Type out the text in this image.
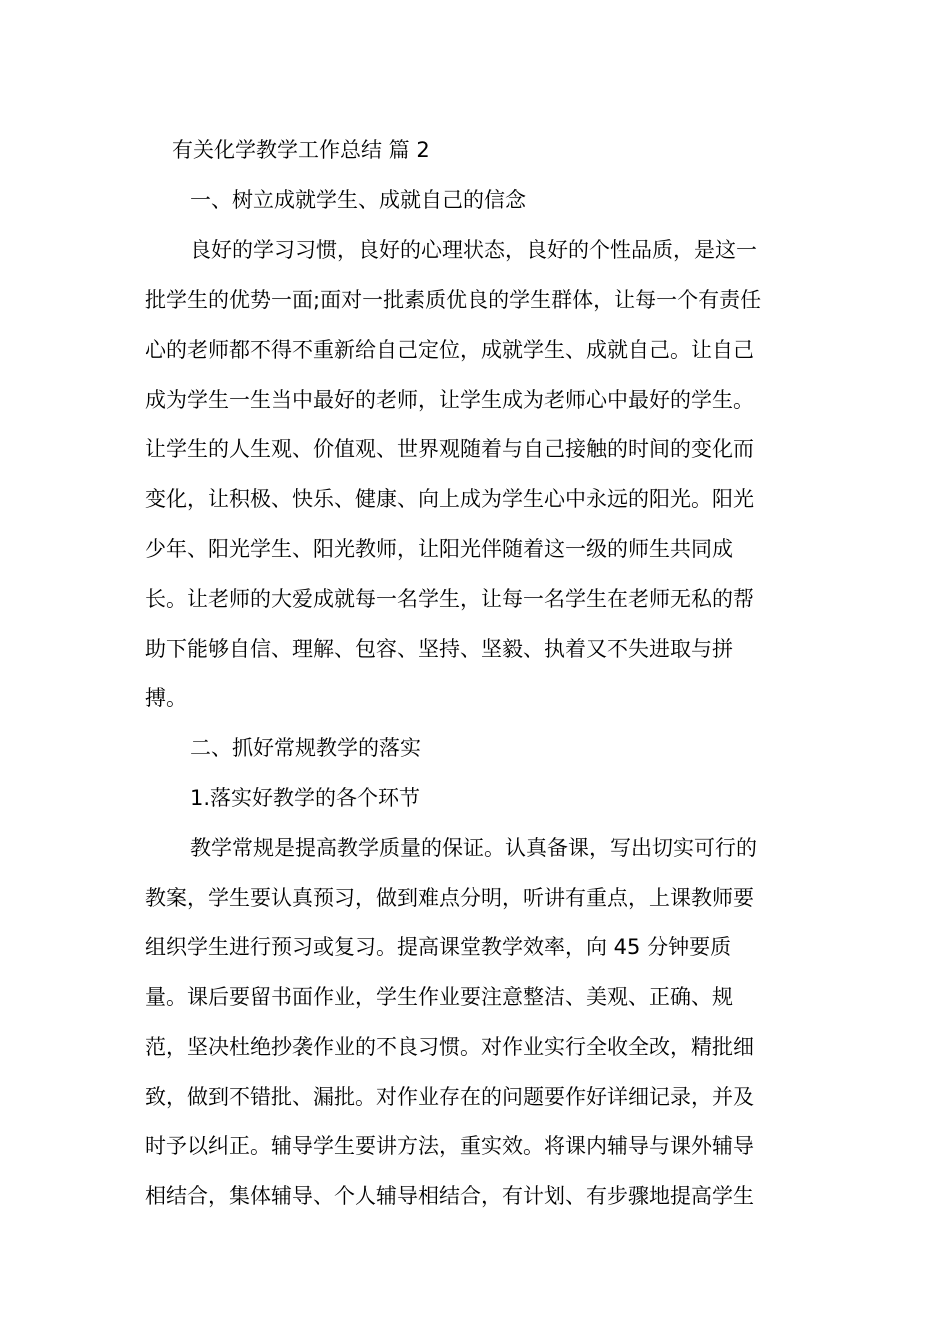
有关化学教学工作总结 篇 2
一、树立成就学生、成就自己的信念
良好的学习习惯，良好的心理状态，良好的个性品质，是这一
批学生的优势一面;面对一批素质优良的学生群体，让每一个有责任
心的老师都不得不重新给自己定位，成就学生、成就自己。让自己
成为学生一生当中最好的老师，让学生成为老师心中最好的学生。
让学生的人生观、价值观、世界观随着与自己接触的时间的变化而
变化，让积极、快乐、健康、向上成为学生心中永远的阳光。阳光
少年、阳光学生、阳光教师，让阳光伴随着这一级的师生共同成
长。让老师的大爱成就每一名学生，让每一名学生在老师无私的帮
助下能够自信、理解、包容、坚持、坚毅、执着又不失进取与拼
搏。
二、抓好常规教学的落实
1.落实好教学的各个环节
教学常规是提高教学质量的保证。认真备课，写出切实可行的
教案，学生要认真预习，做到难点分明，听讲有重点，上课教师要
组织学生进行预习或复习。提高课堂教学效率，向 45 分钟要质
量。课后要留书面作业，学生作业要注意整洁、美观、正确、规
范，坚决杜绝抄袭作业的不良习惯。对作业实行全收全改，精批细
致，做到不错批、漏批。对作业存在的问题要作好详细记录，并及
时予以纠正。辅导学生要讲方法，重实效。将课内辅导与课外辅导
相结合，集体辅导、个人辅导相结合，有计划、有步骤地提高学生
